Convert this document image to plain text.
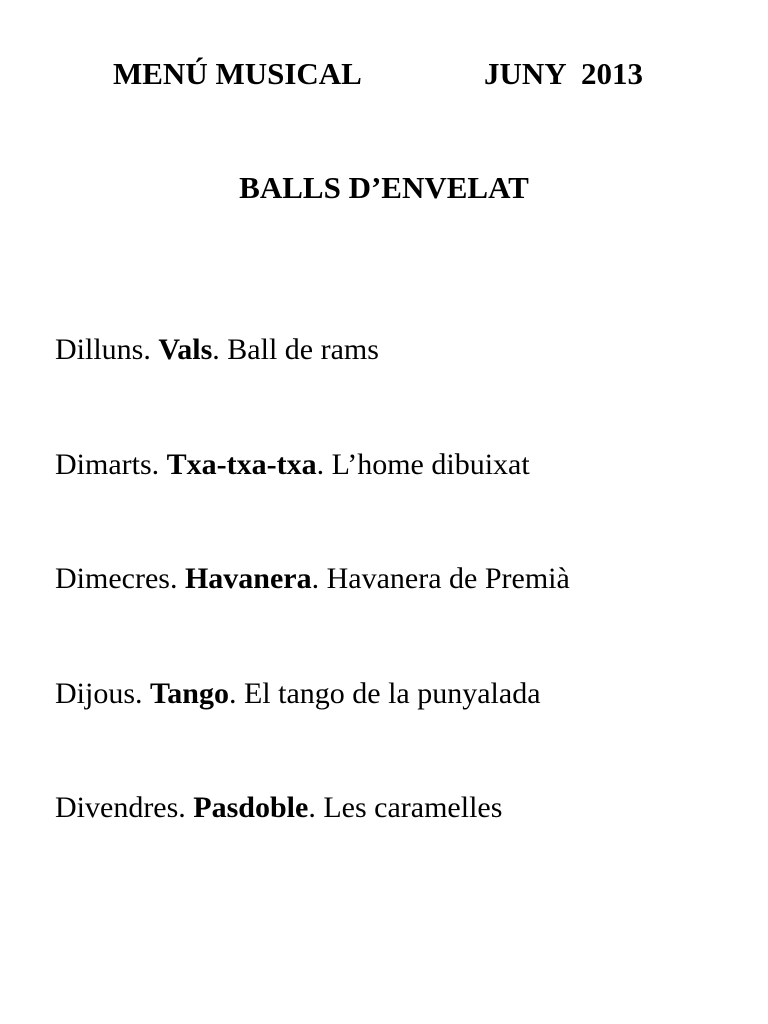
MENÚ MUSICAL	JUNY  2013
BALLS D’ENVELAT
Dilluns. Vals. Ball de rams
Dimarts. Txa-txa-txa. L’home dibuixat
Dimecres. Havanera. Havanera de Premià
Dijous. Tango. El tango de la punyalada
Divendres. Pasdoble. Les caramelles
